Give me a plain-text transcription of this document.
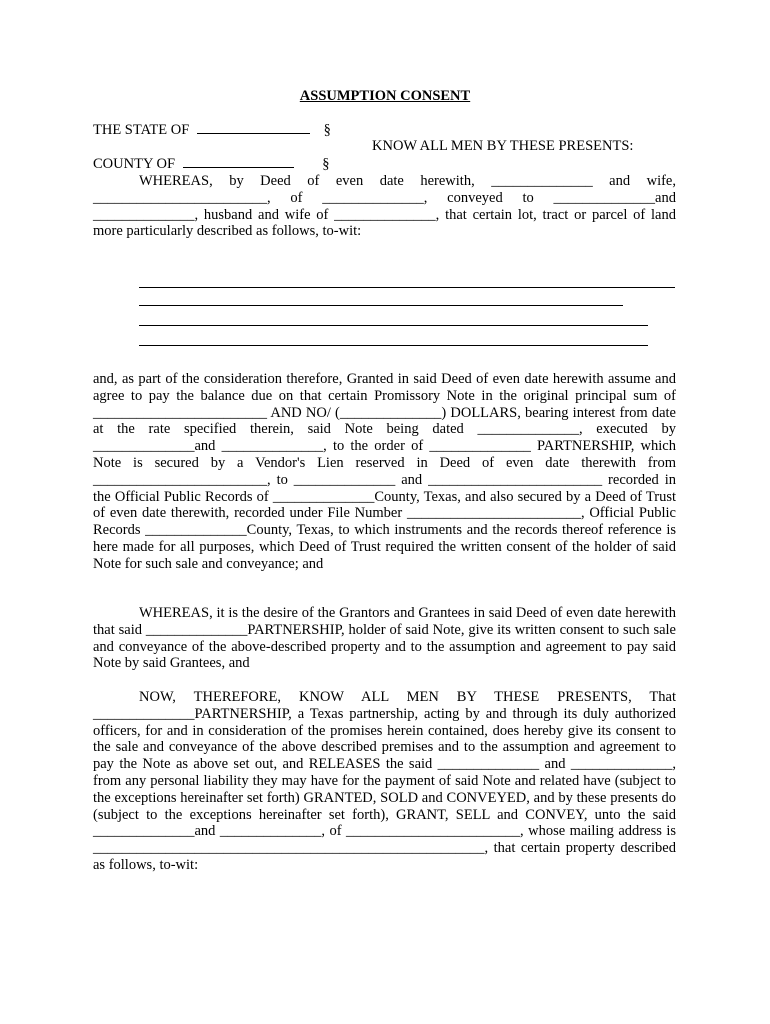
ASSUMPTION CONSENT
THE STATE OF	§
KNOW ALL MEN BY THESE PRESENTS:
COUNTY OF	§

WHEREAS, by Deed of even date herewith, ______________ and wife, ________________________, of ______________, conveyed to ______________and ______________, husband and wife of ______________, that certain lot, tract or parcel of land more particularly described as follows, to-wit:

and, as part of the consideration therefore, Granted in said Deed of even date herewith assume and agree to pay the balance due on that certain Promissory Note in the original principal sum of ________________________ AND NO/ (______________) DOLLARS, bearing interest from date at the rate specified therein, said Note being dated ______________, executed by ______________and ______________, to the order of ______________ PARTNERSHIP, which Note is secured by a Vendor's Lien reserved in Deed of even date therewith from ________________________, to ______________ and ________________________ recorded in the Official Public Records of ______________County, Texas, and also secured by a Deed of Trust of even date therewith, recorded under File Number ________________________, Official Public Records ______________County, Texas, to which instruments and the records thereof reference is here made for all purposes, which Deed of Trust required the written consent of the holder of said Note for such sale and conveyance; and

WHEREAS, it is the desire of the Grantors and Grantees in said Deed of even date herewith that said ______________PARTNERSHIP, holder of said Note, give its written consent to such sale and conveyance of the above-described property and to the assumption and agreement to pay said Note by said Grantees, and

NOW, THEREFORE, KNOW ALL MEN BY THESE PRESENTS, That ______________PARTNERSHIP, a Texas partnership, acting by and through its duly authorized officers, for and in consideration of the promises herein contained, does hereby give its consent to the sale and conveyance of the above described premises and to the assumption and agreement to pay the Note as above set out, and RELEASES the said ______________ and ______________, from any personal liability they may have for the payment of said Note and related have (subject to the exceptions hereinafter set forth) GRANTED, SOLD and CONVEYED, and by these presents do (subject to the exceptions hereinafter set forth), GRANT, SELL and CONVEY, unto the said ______________and ______________, of ________________________, whose mailing address is ______________________________________________________, that certain property described as follows, to-wit:
